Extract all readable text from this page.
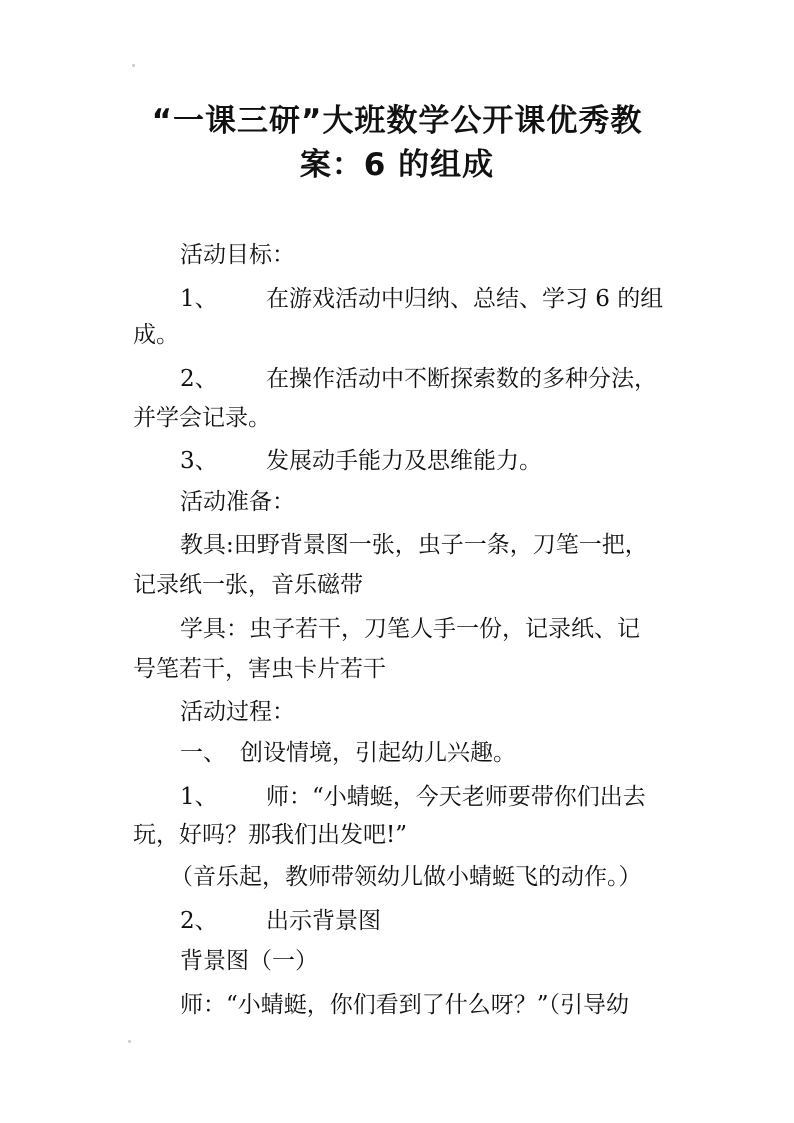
“一课三研”大班数学公开课优秀教
案：6 的组成

活动目标：

1、 在游戏活动中归纳、总结、学习 6 的组

成。

2、 在操作活动中不断探索数的多种分法，

并学会记录。

3、 发展动手能力及思维能力。

活动准备：

教具:田野背景图一张，虫子一条，刀笔一把，

记录纸一张，音乐磁带

学具：虫子若干，刀笔人手一份，记录纸、记

号笔若干，害虫卡片若干

活动过程：

一、 创设情境，引起幼儿兴趣。

1、 师：“小蜻蜓，今天老师要带你们出去

玩，好吗？那我们出发吧!”

（音乐起，教师带领幼儿做小蜻蜓飞的动作。）

2、 出示背景图

背景图（一）

师：“小蜻蜓，你们看到了什么呀？”（引导幼
